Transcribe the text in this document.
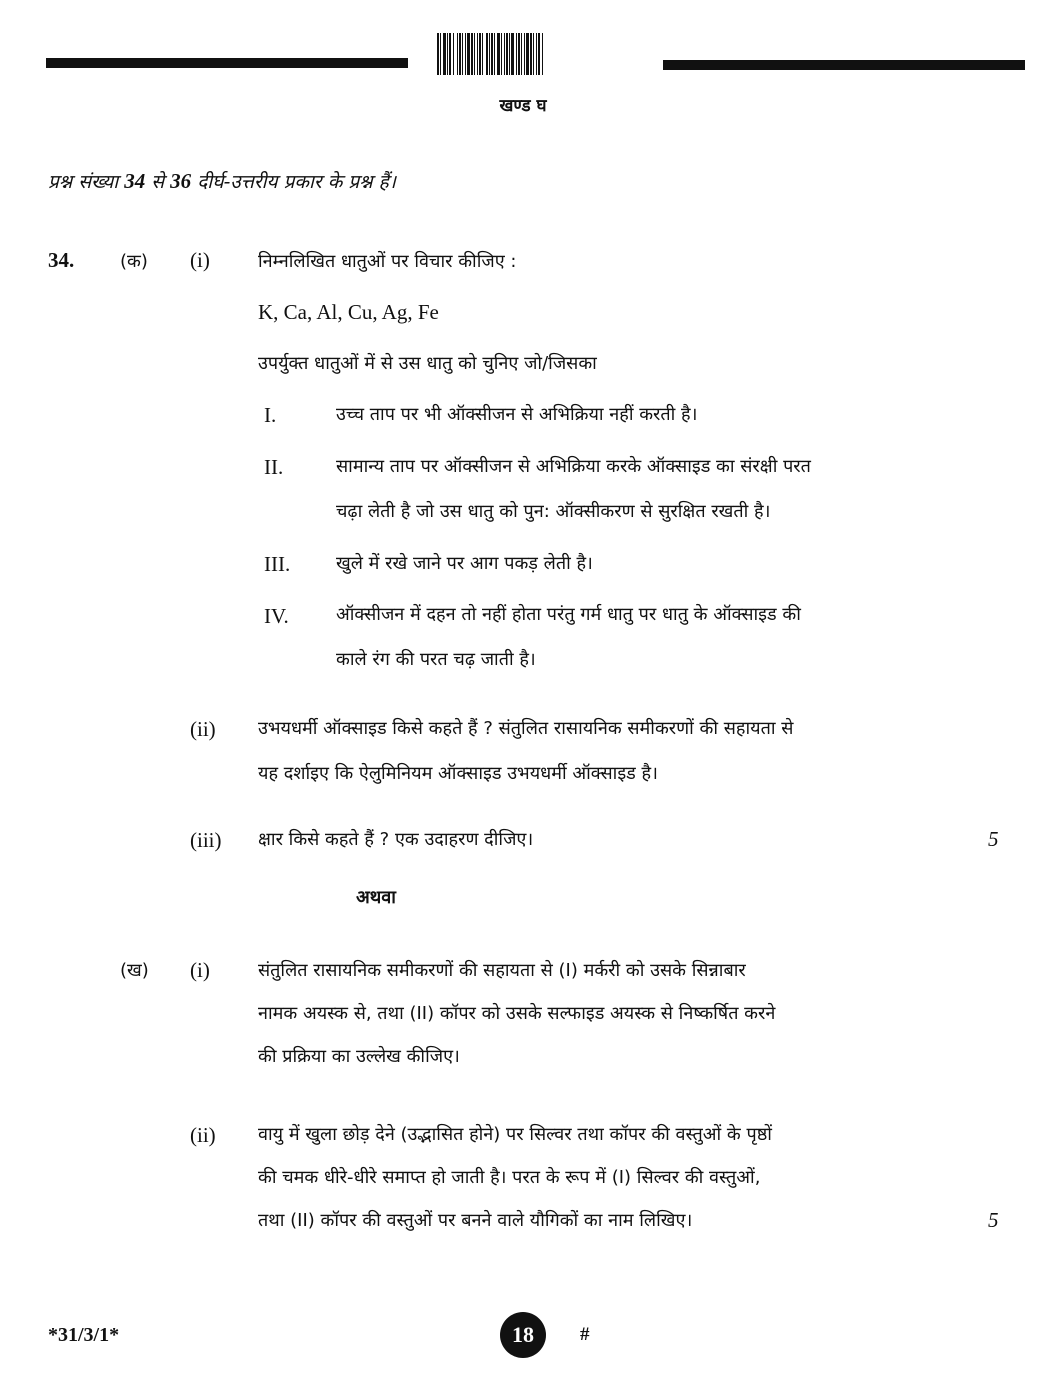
खण्ड घ
प्रश्न संख्या 34 से 36 दीर्घ-उत्तरीय प्रकार के प्रश्न हैं।
34.	(क) (i)	निम्नलिखित धातुओं पर विचार कीजिए :
K, Ca, Al, Cu, Ag, Fe
उपर्युक्त धातुओं में से उस धातु को चुनिए जो/जिसका
I.	उच्च ताप पर भी ऑक्सीजन से अभिक्रिया नहीं करती है।
II.	सामान्य ताप पर ऑक्सीजन से अभिक्रिया करके ऑक्साइड का संरक्षी परत
चढ़ा लेती है जो उस धातु को पुन: ऑक्सीकरण से सुरक्षित रखती है।
III.	खुले में रखे जाने पर आग पकड़ लेती है।
IV.	ऑक्सीजन में दहन तो नहीं होता परंतु गर्म धातु पर धातु के ऑक्साइड की
काले रंग की परत चढ़ जाती है।
(ii) उभयधर्मी ऑक्साइड किसे कहते हैं ? संतुलित रासायनिक समीकरणों की सहायता से
यह दर्शाइए कि ऐलुमिनियम ऑक्साइड उभयधर्मी ऑक्साइड है।
(iii) क्षार किसे कहते हैं ? एक उदाहरण दीजिए।	5
अथवा
(ख) (i)	संतुलित रासायनिक समीकरणों की सहायता से (I) मर्करी को उसके सिन्नाबार
नामक अयस्क से, तथा (II) कॉपर को उसके सल्फाइड अयस्क से निष्कर्षित करने
की प्रक्रिया का उल्लेख कीजिए।
(ii) वायु में खुला छोड़ देने (उद्भासित होने) पर सिल्वर तथा कॉपर की वस्तुओं के पृष्ठों
की चमक धीरे-धीरे समाप्त हो जाती है। परत के रूप में (I) सिल्वर की वस्तुओं,
तथा (II) कॉपर की वस्तुओं पर बनने वाले यौगिकों का नाम लिखिए।	5
*31/3/1*	18	#
